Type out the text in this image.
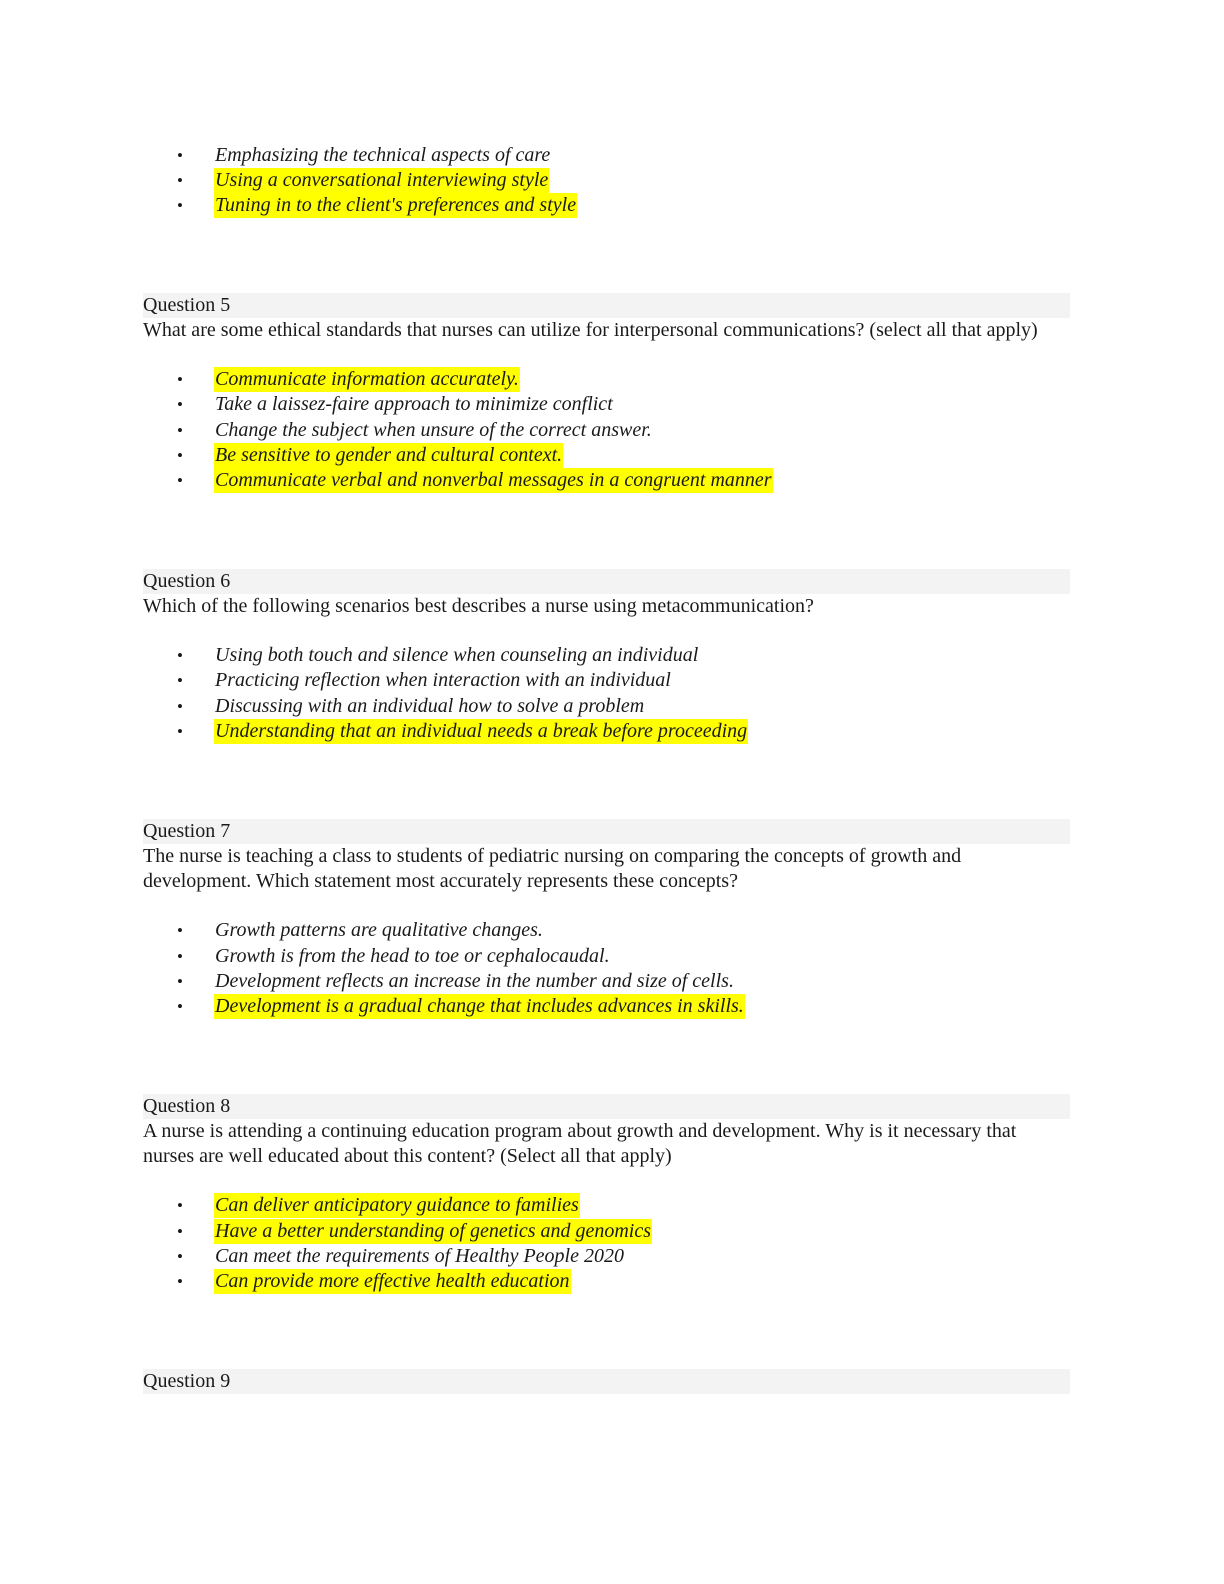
• Emphasizing the technical aspects of care
• Using a conversational interviewing style
• Tuning in to the client's preferences and style
Question 5

What are some ethical standards that nurses can utilize for interpersonal communications? (select all that apply)

• Communicate information accurately.
• Take a laissez-faire approach to minimize conflict
• Change the subject when unsure of the correct answer.
• Be sensitive to gender and cultural context.
• Communicate verbal and nonverbal messages in a congruent manner
Question 6

Which of the following scenarios best describes a nurse using metacommunication?

• Using both touch and silence when counseling an individual
• Practicing reflection when interaction with an individual
• Discussing with an individual how to solve a problem
• Understanding that an individual needs a break before proceeding
Question 7

The nurse is teaching a class to students of pediatric nursing on comparing the concepts of growth and development. Which statement most accurately represents these concepts?

• Growth patterns are qualitative changes.
• Growth is from the head to toe or cephalocaudal.
• Development reflects an increase in the number and size of cells.
• Development is a gradual change that includes advances in skills.
Question 8

A nurse is attending a continuing education program about growth and development. Why is it necessary that nurses are well educated about this content? (Select all that apply)

• Can deliver anticipatory guidance to families
• Have a better understanding of genetics and genomics
• Can meet the requirements of Healthy People 2020
• Can provide more effective health education
Question 9
